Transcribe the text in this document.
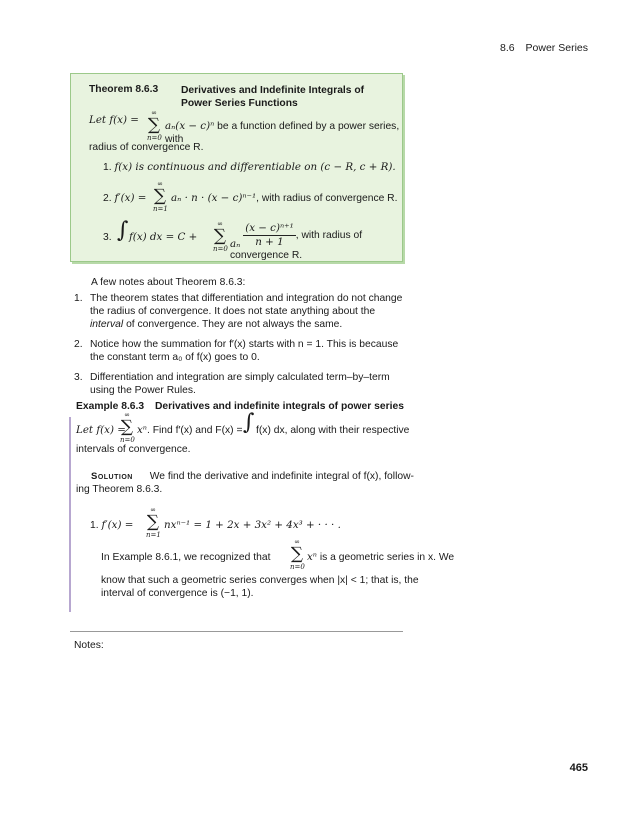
8.6 Power Series
Theorem 8.6.3 Derivatives and Indefinite Integrals of Power Series Functions
Let f(x) =
∞
∑
n=0
aₙ(x − c)ⁿ be a function defined by a power series, with
radius of convergence R.
1. f(x) is continuous and differentiable on (c − R, c + R).
2. f′(x) =
∞
∑
n=1
aₙ · n · (x − c)ⁿ⁻¹, with radius of convergence R.
3. ∫ f(x) dx = C +
∞
∑
n=0 aₙ $\frac{\text{(x − c)ⁿ⁺¹}}{n + 1}$ , with radius of convergence R.
A few notes about Theorem 8.6.3:
1. The theorem states that differentiation and integration do not change the radius of convergence. It does not state anything about the interval of convergence. They are not always the same.
2. Notice how the summation for f′(x) starts with n = 1. This is because the constant term a₀ of f(x) goes to 0.
3. Differentiation and integration are simply calculated term–by–term using the Power Rules.
Example 8.6.3 Derivatives and indefinite integrals of power series
Let f(x) =
∞
∑
n=0
xⁿ. Find f′(x) and F(x) = ∫ f(x) dx, along with their respective
intervals of convergence.
Solution We find the derivative and indefinite integral of f(x), follow-
ing Theorem 8.6.3.
1. f′(x) =
∞
∑
n=1
nxⁿ⁻¹ = 1 + 2x + 3x² + 4x³ + · · · .
In Example 8.6.1, we recognized that
∞
∑
n=0
xⁿ is a geometric series in x. We
know that such a geometric series converges when |x| < 1; that is, the
interval of convergence is (−1, 1).
Notes:
465
